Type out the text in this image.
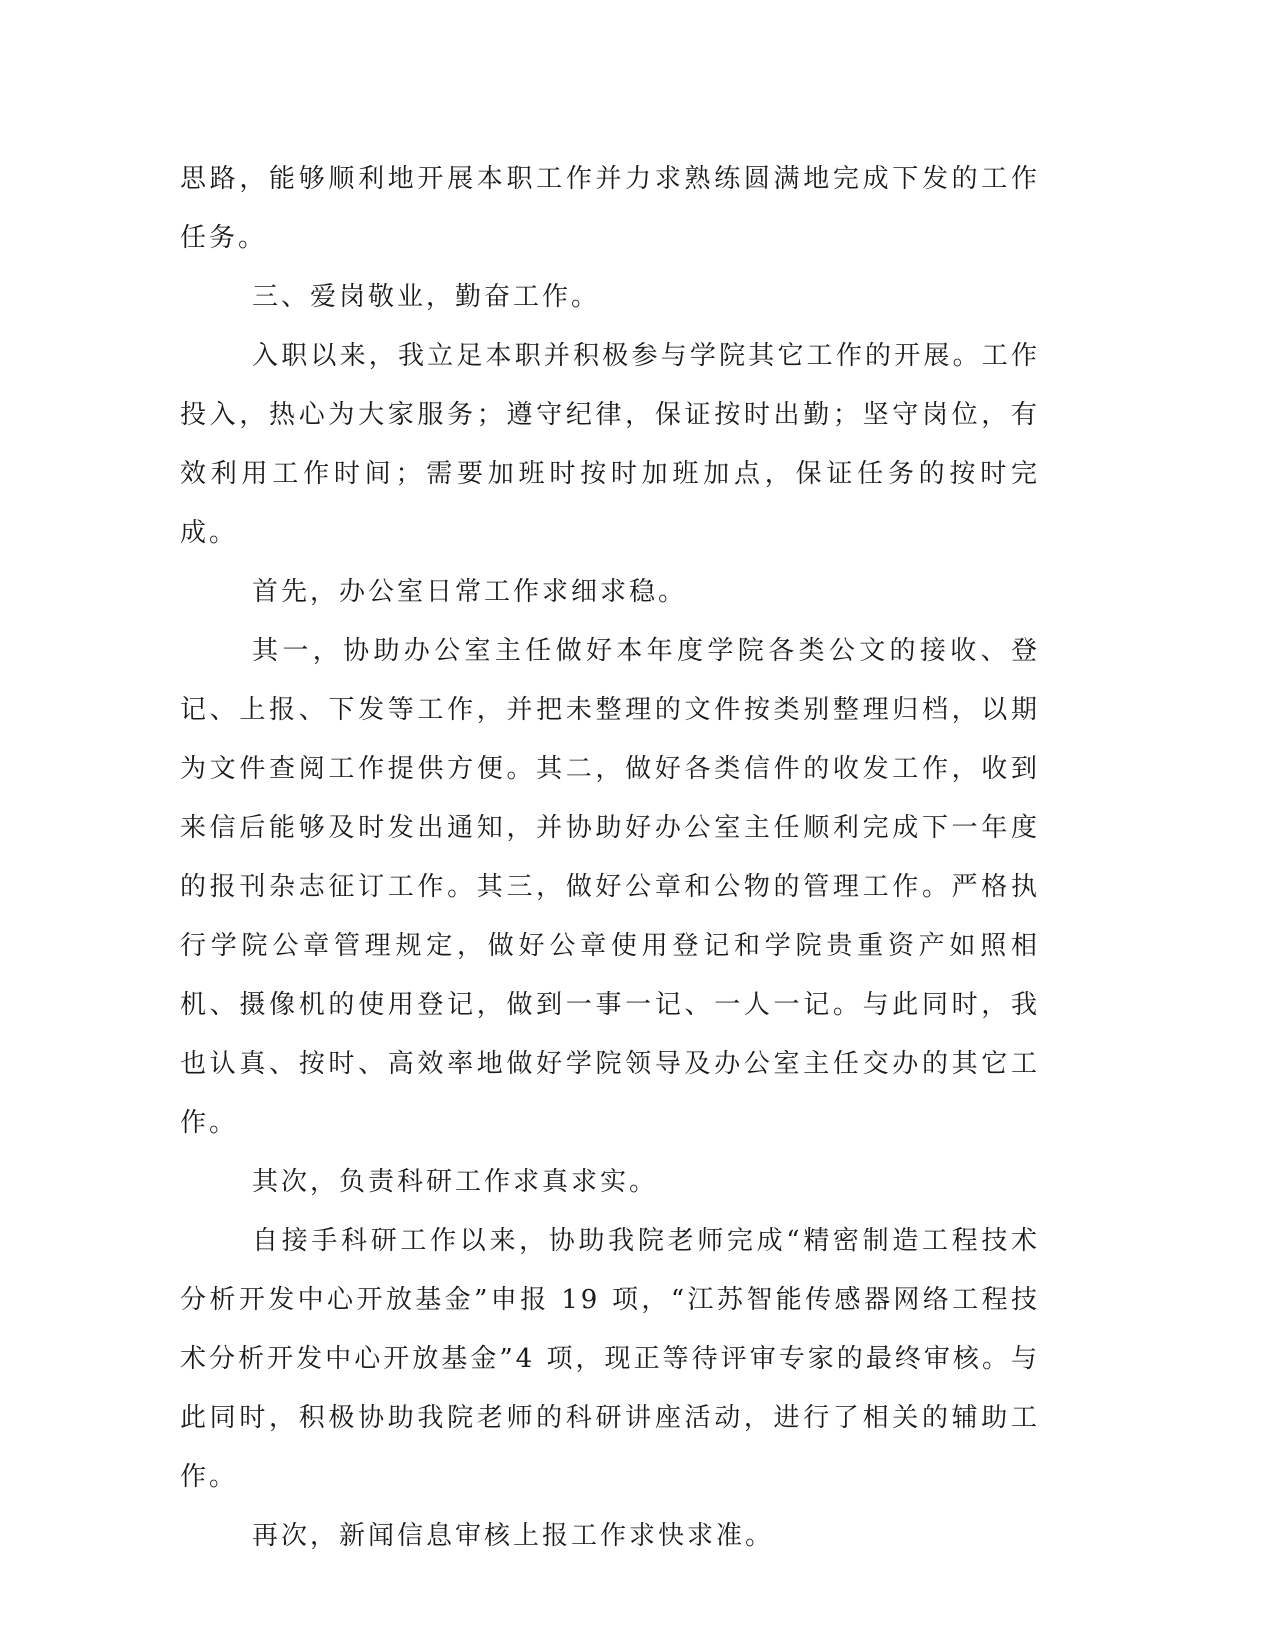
思路，能够顺利地开展本职工作并力求熟练圆满地完成下发的工作任务。

三、爱岗敬业，勤奋工作。

入职以来，我立足本职并积极参与学院其它工作的开展。工作投入，热心为大家服务；遵守纪律，保证按时出勤；坚守岗位，有效利用工作时间；需要加班时按时加班加点，保证任务的按时完成。

首先，办公室日常工作求细求稳。

其一，协助办公室主任做好本年度学院各类公文的接收、登记、上报、下发等工作，并把未整理的文件按类别整理归档，以期为文件查阅工作提供方便。其二，做好各类信件的收发工作，收到来信后能够及时发出通知，并协助好办公室主任顺利完成下一年度的报刊杂志征订工作。其三，做好公章和公物的管理工作。严格执行学院公章管理规定，做好公章使用登记和学院贵重资产如照相机、摄像机的使用登记，做到一事一记、一人一记。与此同时，我也认真、按时、高效率地做好学院领导及办公室主任交办的其它工作。

其次，负责科研工作求真求实。

自接手科研工作以来，协助我院老师完成“精密制造工程技术分析开发中心开放基金”申报 19 项，“江苏智能传感器网络工程技术分析开发中心开放基金”4 项，现正等待评审专家的最终审核。与此同时，积极协助我院老师的科研讲座活动，进行了相关的辅助工作。

再次，新闻信息审核上报工作求快求准。
